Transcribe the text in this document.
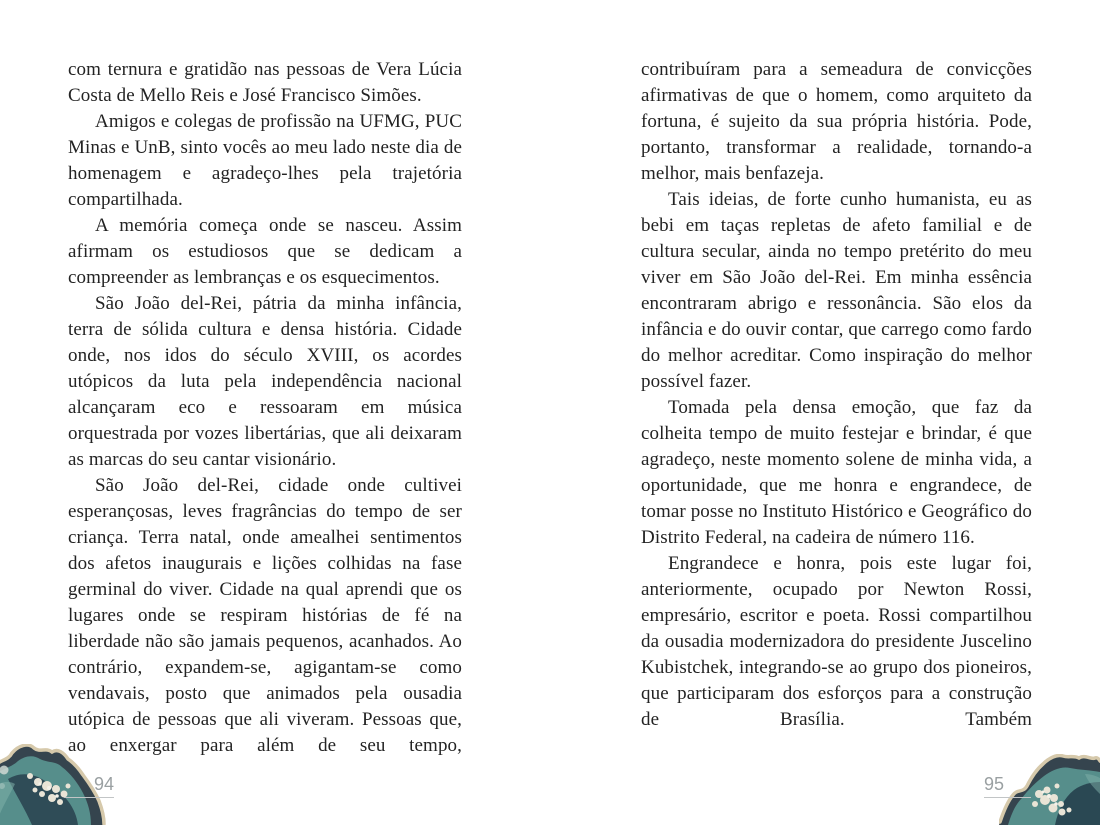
com ternura e gratidão nas pessoas de Vera Lúcia Costa de Mello Reis e José Francisco Simões.

Amigos e colegas de profissão na UFMG, PUC Minas e UnB, sinto vocês ao meu lado neste dia de homenagem e agradeço-lhes pela trajetória compartilhada.

A memória começa onde se nasceu. Assim afirmam os estudiosos que se dedicam a compreender as lembranças e os esquecimentos.

São João del-Rei, pátria da minha infância, terra de sólida cultura e densa história. Cidade onde, nos idos do século XVIII, os acordes utópicos da luta pela independência nacional alcançaram eco e ressoaram em música orquestrada por vozes libertárias, que ali deixaram as marcas do seu cantar visionário.

São João del-Rei, cidade onde cultivei esperançosas, leves fragrâncias do tempo de ser criança. Terra natal, onde amealhei sentimentos dos afetos inaugurais e lições colhidas na fase germinal do viver. Cidade na qual aprendi que os lugares onde se respiram histórias de fé na liberdade não são jamais pequenos, acanhados. Ao contrário, expandem-se, agigantam-se como vendavais, posto que animados pela ousadia utópica de pessoas que ali viveram. Pessoas que, ao enxergar para além de seu tempo,

94

contribuíram para a semeadura de convicções afirmativas de que o homem, como arquiteto da fortuna, é sujeito da sua própria história. Pode, portanto, transformar a realidade, tornando-a melhor, mais benfazeja.

Tais ideias, de forte cunho humanista, eu as bebi em taças repletas de afeto familial e de cultura secular, ainda no tempo pretérito do meu viver em São João del-Rei. Em minha essência encontraram abrigo e ressonância. São elos da infância e do ouvir contar, que carrego como fardo do melhor acreditar. Como inspiração do melhor possível fazer.

Tomada pela densa emoção, que faz da colheita tempo de muito festejar e brindar, é que agradeço, neste momento solene de minha vida, a oportunidade, que me honra e engrandece, de tomar posse no Instituto Histórico e Geográfico do Distrito Federal, na cadeira de número 116.

Engrandece e honra, pois este lugar foi, anteriormente, ocupado por Newton Rossi, empresário, escritor e poeta. Rossi compartilhou da ousadia modernizadora do presidente Juscelino Kubistchek, integrando-se ao grupo dos pioneiros, que participaram dos esforços para a construção de Brasília. Também

95
